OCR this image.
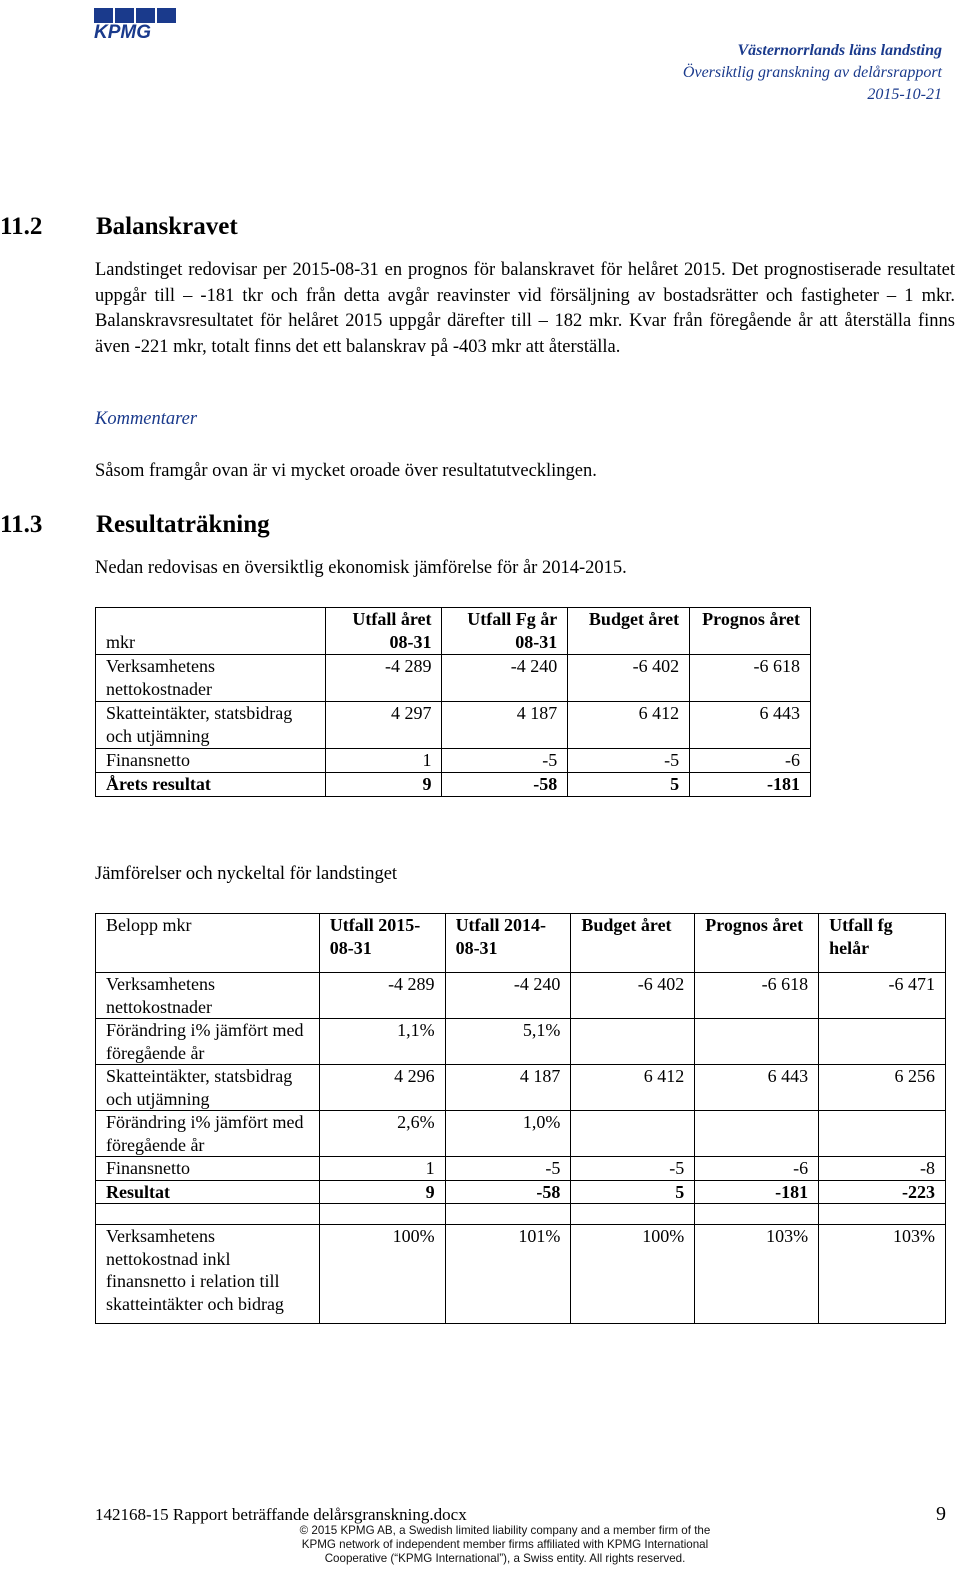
KPMG
Västernorrlands läns landsting
Översiktlig granskning av delårsrapport
2015-10-21
11.2 Balanskravet
Landstinget redovisar per 2015-08-31 en prognos för balanskravet för helåret 2015. Det prognostiserade resultatet uppgår till – -181 tkr och från detta avgår reavinster vid försäljning av bostadsrätter och fastigheter – 1 mkr. Balanskravsresultatet för helåret 2015 uppgår därefter till – 182 mkr. Kvar från föregående år att återställa finns även -221 mkr, totalt finns det ett balanskrav på -403 mkr att återställa.
Kommentarer
Såsom framgår ovan är vi mycket oroade över resultatutvecklingen.
11.3 Resultaträkning
Nedan redovisas en översiktlig ekonomisk jämförelse för år 2014-2015.
mkr	Utfall året 08-31	Utfall Fg år 08-31	Budget året	Prognos året
Verksamhetens nettokostnader	-4 289	-4 240	-6 402	-6 618
Skatteintäkter, statsbidrag och utjämning	4 297	4 187	6 412	6 443
Finansnetto	1	-5	-5	-6
Årets resultat	9	-58	5	-181
Jämförelser och nyckeltal för landstinget
Belopp mkr	Utfall 2015-08-31	Utfall 2014-08-31	Budget året	Prognos året	Utfall fg helår
Verksamhetens nettokostnader	-4 289	-4 240	-6 402	-6 618	-6 471
Förändring i% jämfört med föregående år	1,1%	5,1%			
Skatteintäkter, statsbidrag och utjämning	4 296	4 187	6 412	6 443	6 256
Förändring i% jämfört med föregående år	2,6%	1,0%			
Finansnetto	1	-5	-5	-6	-8
Resultat	9	-58	5	-181	-223

Verksamhetens nettokostnad inkl finansnetto i relation till skatteintäkter och bidrag	100%	101%	100%	103%	103%
142168-15 Rapport beträffande delårsgranskning.docx	9
© 2015 KPMG AB, a Swedish limited liability company and a member firm of the KPMG network of independent member firms affiliated with KPMG International Cooperative (“KPMG International”), a Swiss entity. All rights reserved.
